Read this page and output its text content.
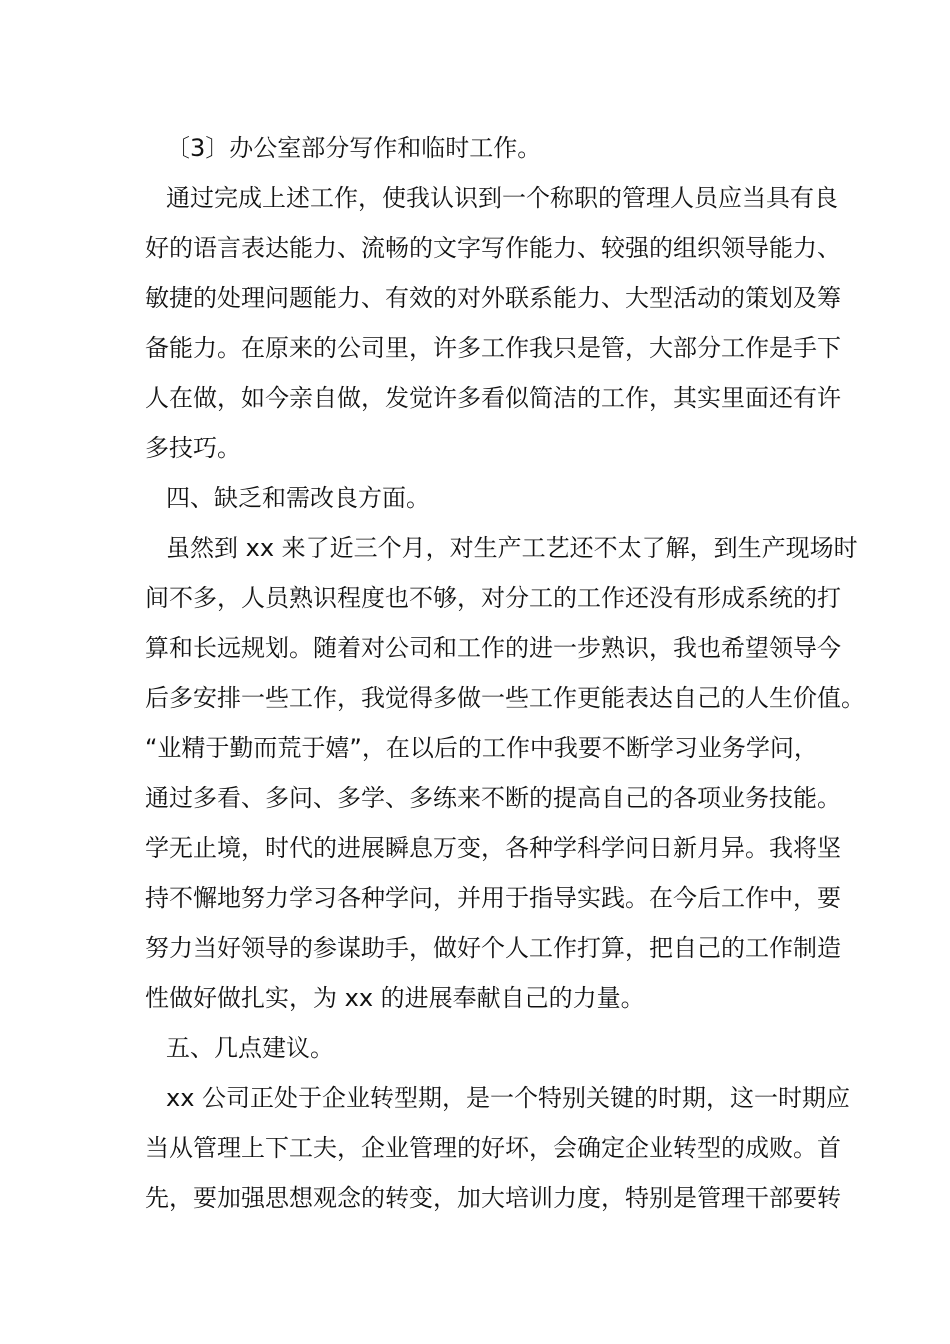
〔3〕办公室部分写作和临时工作。
通过完成上述工作，使我认识到一个称职的管理人员应当具有良
好的语言表达能力、流畅的文字写作能力、较强的组织领导能力、
敏捷的处理问题能力、有效的对外联系能力、大型活动的策划及筹
备能力。在原来的公司里，许多工作我只是管，大部分工作是手下
人在做，如今亲自做，发觉许多看似简洁的工作，其实里面还有许
多技巧。
四、缺乏和需改良方面。
虽然到 xx 来了近三个月，对生产工艺还不太了解，到生产现场时
间不多，人员熟识程度也不够，对分工的工作还没有形成系统的打
算和长远规划。随着对公司和工作的进一步熟识，我也希望领导今
后多安排一些工作，我觉得多做一些工作更能表达自己的人生价值。
“业精于勤而荒于嬉”，在以后的工作中我要不断学习业务学问，
通过多看、多问、多学、多练来不断的提高自己的各项业务技能。
学无止境，时代的进展瞬息万变，各种学科学问日新月异。我将坚
持不懈地努力学习各种学问，并用于指导实践。在今后工作中，要
努力当好领导的参谋助手，做好个人工作打算，把自己的工作制造
性做好做扎实，为 xx 的进展奉献自己的力量。
五、几点建议。
xx 公司正处于企业转型期，是一个特别关键的时期，这一时期应
当从管理上下工夫，企业管理的好坏，会确定企业转型的成败。首
先，要加强思想观念的转变，加大培训力度，特别是管理干部要转
